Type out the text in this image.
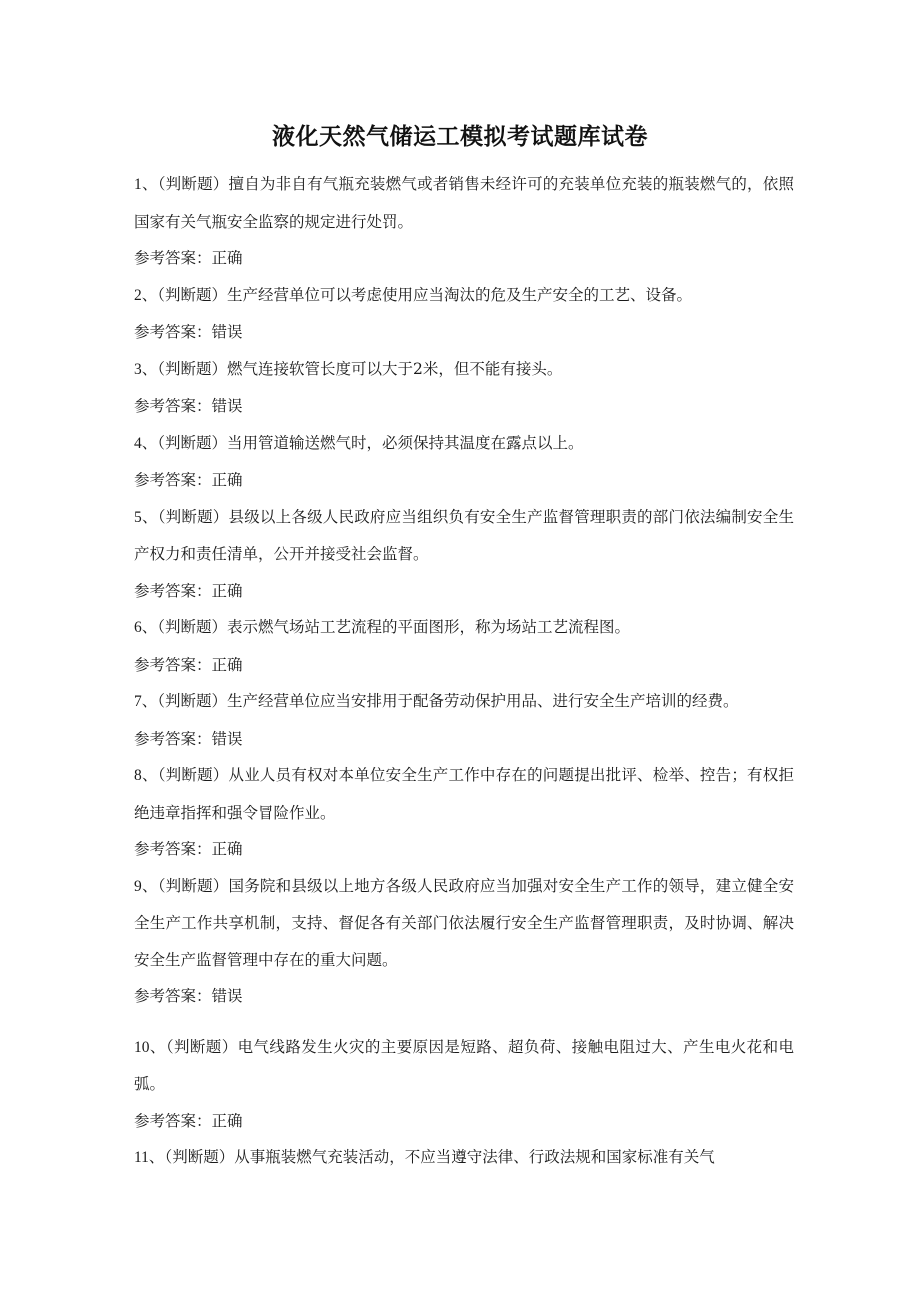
液化天然气储运工模拟考试题库试卷

1、（判断题）擅自为非自有气瓶充装燃气或者销售未经许可的充装单位充装的瓶装燃气的，依照国家有关气瓶安全监察的规定进行处罚。

参考答案：正确

2、（判断题）生产经营单位可以考虑使用应当淘汰的危及生产安全的工艺、设备。

参考答案：错误

3、（判断题）燃气连接软管长度可以大于2米，但不能有接头。

参考答案：错误

4、（判断题）当用管道输送燃气时，必须保持其温度在露点以上。

参考答案：正确

5、（判断题）县级以上各级人民政府应当组织负有安全生产监督管理职责的部门依法编制安全生产权力和责任清单，公开并接受社会监督。

参考答案：正确

6、（判断题）表示燃气场站工艺流程的平面图形，称为场站工艺流程图。

参考答案：正确

7、（判断题）生产经营单位应当安排用于配备劳动保护用品、进行安全生产培训的经费。

参考答案：错误

8、（判断题）从业人员有权对本单位安全生产工作中存在的问题提出批评、检举、控告；有权拒绝违章指挥和强令冒险作业。

参考答案：正确

9、（判断题）国务院和县级以上地方各级人民政府应当加强对安全生产工作的领导，建立健全安全生产工作共享机制，支持、督促各有关部门依法履行安全生产监督管理职责，及时协调、解决安全生产监督管理中存在的重大问题。

参考答案：错误

10、（判断题）电气线路发生火灾的主要原因是短路、超负荷、接触电阻过大、产生电火花和电弧。

参考答案：正确

11、（判断题）从事瓶装燃气充装活动，不应当遵守法律、行政法规和国家标准有关气
